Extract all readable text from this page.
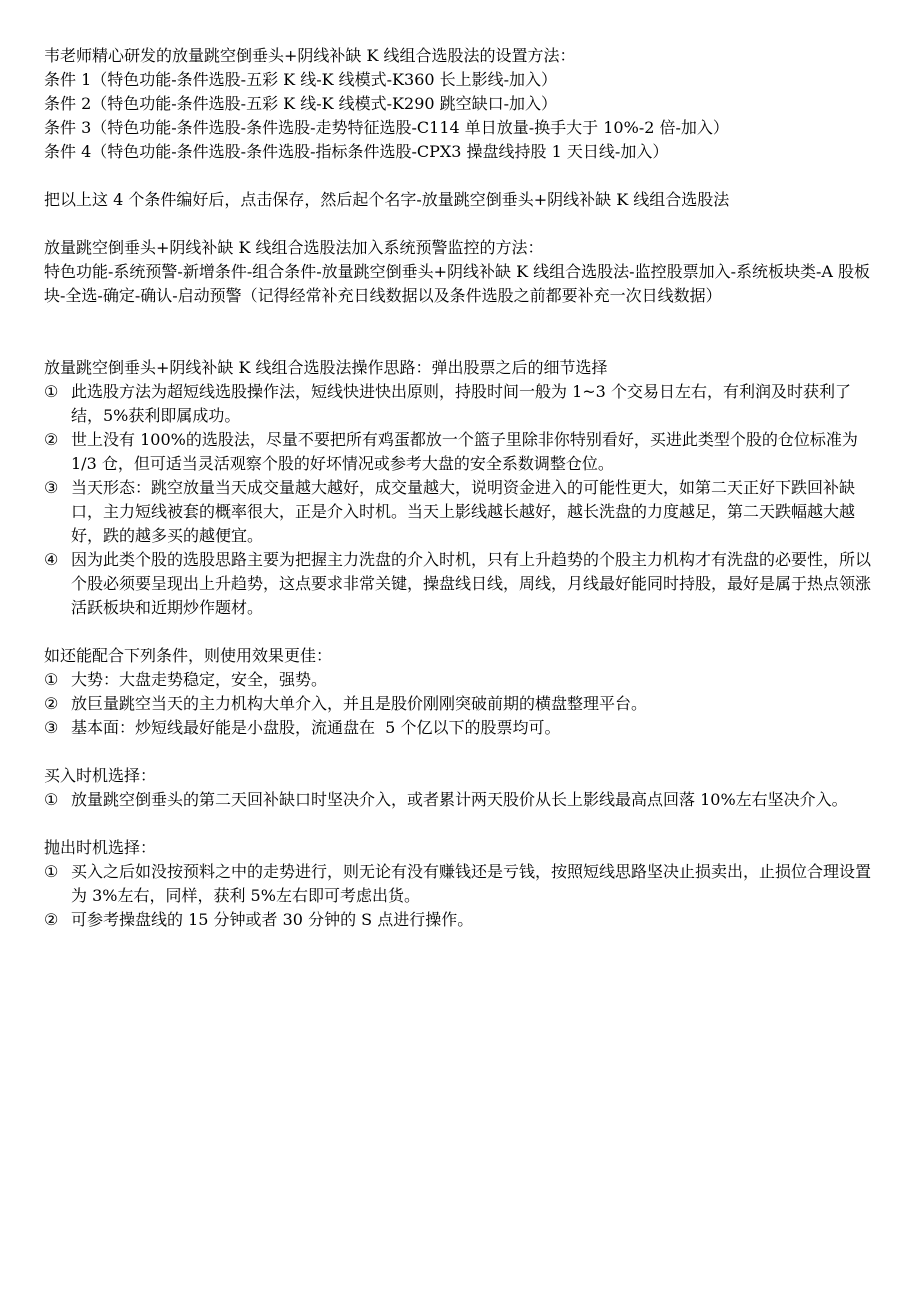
韦老师精心研发的放量跳空倒垂头+阴线补缺 K 线组合选股法的设置方法：
条件 1（特色功能-条件选股-五彩 K 线-K 线模式-K360 长上影线-加入）
条件 2（特色功能-条件选股-五彩 K 线-K 线模式-K290 跳空缺口-加入）
条件 3（特色功能-条件选股-条件选股-走势特征选股-C114 单日放量-换手大于 10%-2 倍-加入）
条件 4（特色功能-条件选股-条件选股-指标条件选股-CPX3 操盘线持股 1 天日线-加入）
把以上这 4 个条件编好后，点击保存，然后起个名字-放量跳空倒垂头+阴线补缺 K 线组合选股法
放量跳空倒垂头+阴线补缺 K 线组合选股法加入系统预警监控的方法：
特色功能-系统预警-新增条件-组合条件-放量跳空倒垂头+阴线补缺 K 线组合选股法-监控股票加入-系统板块类-A 股板块-全选-确定-确认-启动预警（记得经常补充日线数据以及条件选股之前都要补充一次日线数据）
放量跳空倒垂头+阴线补缺 K 线组合选股法操作思路：弹出股票之后的细节选择
① 此选股方法为超短线选股操作法，短线快进快出原则，持股时间一般为 1~3 个交易日左右，有利润及时获利了结，5%获利即属成功。
② 世上没有 100%的选股法，尽量不要把所有鸡蛋都放一个篮子里除非你特别看好，买进此类型个股的仓位标准为 1/3 仓，但可适当灵活观察个股的好坏情况或参考大盘的安全系数调整仓位。
③ 当天形态：跳空放量当天成交量越大越好，成交量越大，说明资金进入的可能性更大，如第二天正好下跌回补缺口，主力短线被套的概率很大，正是介入时机。当天上影线越长越好，越长洗盘的力度越足，第二天跌幅越大越好，跌的越多买的越便宜。
④ 因为此类个股的选股思路主要为把握主力洗盘的介入时机，只有上升趋势的个股主力机构才有洗盘的必要性，所以个股必须要呈现出上升趋势，这点要求非常关键，操盘线日线，周线，月线最好能同时持股，最好是属于热点领涨活跃板块和近期炒作题材。
如还能配合下列条件，则使用效果更佳：
① 大势：大盘走势稳定，安全，强势。
② 放巨量跳空当天的主力机构大单介入，并且是股价刚刚突破前期的横盘整理平台。
③ 基本面：炒短线最好能是小盘股，流通盘在  5 个亿以下的股票均可。
买入时机选择：
① 放量跳空倒垂头的第二天回补缺口时坚决介入，或者累计两天股价从长上影线最高点回落 10%左右坚决介入。
抛出时机选择：
① 买入之后如没按预料之中的走势进行，则无论有没有赚钱还是亏钱，按照短线思路坚决止损卖出，止损位合理设置为 3%左右，同样，获利 5%左右即可考虑出货。
② 可参考操盘线的 15 分钟或者 30 分钟的 S 点进行操作。
